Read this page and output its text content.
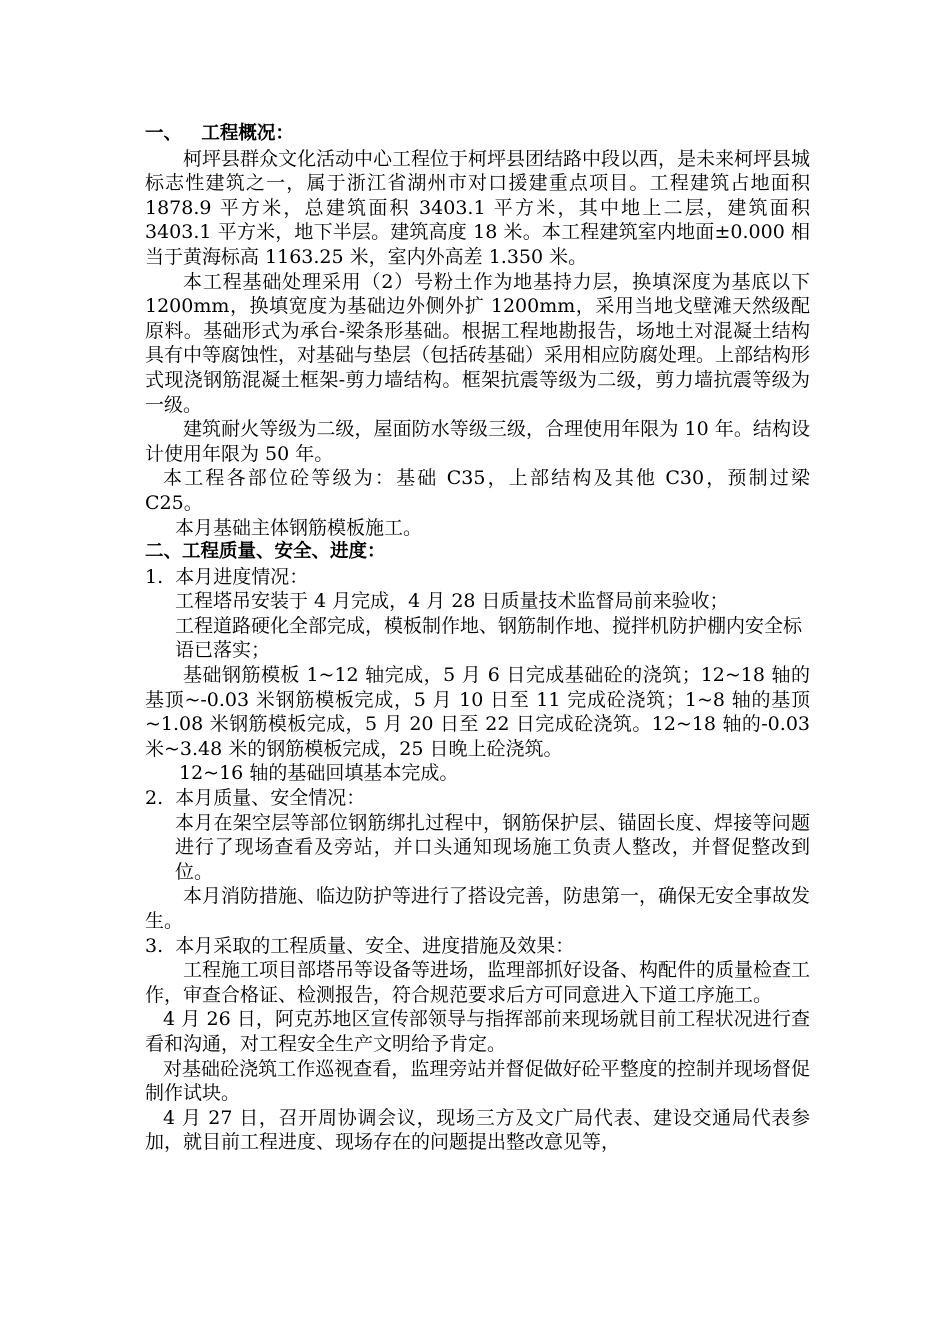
一、   工程概况：

柯坪县群众文化活动中心工程位于柯坪县团结路中段以西，是未来柯坪县城标志性建筑之一，属于浙江省湖州市对口援建重点项目。工程建筑占地面积 1878.9 平方米，总建筑面积 3403.1 平方米，其中地上二层，建筑面积 3403.1 平方米，地下半层。建筑高度 18 米。本工程建筑室内地面±0.000 相当于黄海标高 1163.25 米，室内外高差 1.350 米。

本工程基础处理采用（2）号粉土作为地基持力层，换填深度为基底以下 1200mm，换填宽度为基础边外侧外扩 1200mm，采用当地戈壁滩天然级配原料。基础形式为承台-梁条形基础。根据工程地勘报告，场地土对混凝土结构具有中等腐蚀性，对基础与垫层（包括砖基础）采用相应防腐处理。上部结构形式现浇钢筋混凝土框架-剪力墙结构。框架抗震等级为二级，剪力墙抗震等级为一级。

建筑耐火等级为二级，屋面防水等级三级，合理使用年限为 10 年。结构设计使用年限为 50 年。

本工程各部位砼等级为：基础 C35，上部结构及其他 C30，预制过梁 C25。

本月基础主体钢筋模板施工。

二、工程质量、安全、进度：

1.  本月进度情况：

工程塔吊安装于 4 月完成，4 月 28 日质量技术监督局前来验收；

工程道路硬化全部完成，模板制作地、钢筋制作地、搅拌机防护棚内安全标语已落实；

基础钢筋模板 1~12 轴完成，5 月 6 日完成基础砼的浇筑；12~18 轴的基顶~-0.03 米钢筋模板完成，5 月 10 日至 11 完成砼浇筑；1~8 轴的基顶~1.08 米钢筋模板完成，5 月 20 日至 22 日完成砼浇筑。12~18 轴的-0.03 米~3.48 米的钢筋模板完成，25 日晚上砼浇筑。

12~16 轴的基础回填基本完成。

2.  本月质量、安全情况：

本月在架空层等部位钢筋绑扎过程中，钢筋保护层、锚固长度、焊接等问题进行了现场查看及旁站，并口头通知现场施工负责人整改，并督促整改到位。

本月消防措施、临边防护等进行了搭设完善，防患第一，确保无安全事故发生。

3.  本月采取的工程质量、安全、进度措施及效果：

工程施工项目部塔吊等设备等进场，监理部抓好设备、构配件的质量检查工作，审查合格证、检测报告，符合规范要求后方可同意进入下道工序施工。

4 月 26 日，阿克苏地区宣传部领导与指挥部前来现场就目前工程状况进行查看和沟通，对工程安全生产文明给予肯定。

对基础砼浇筑工作巡视查看，监理旁站并督促做好砼平整度的控制并现场督促制作试块。

4 月 27 日，召开周协调会议，现场三方及文广局代表、建设交通局代表参加，就目前工程进度、现场存在的问题提出整改意见等，
